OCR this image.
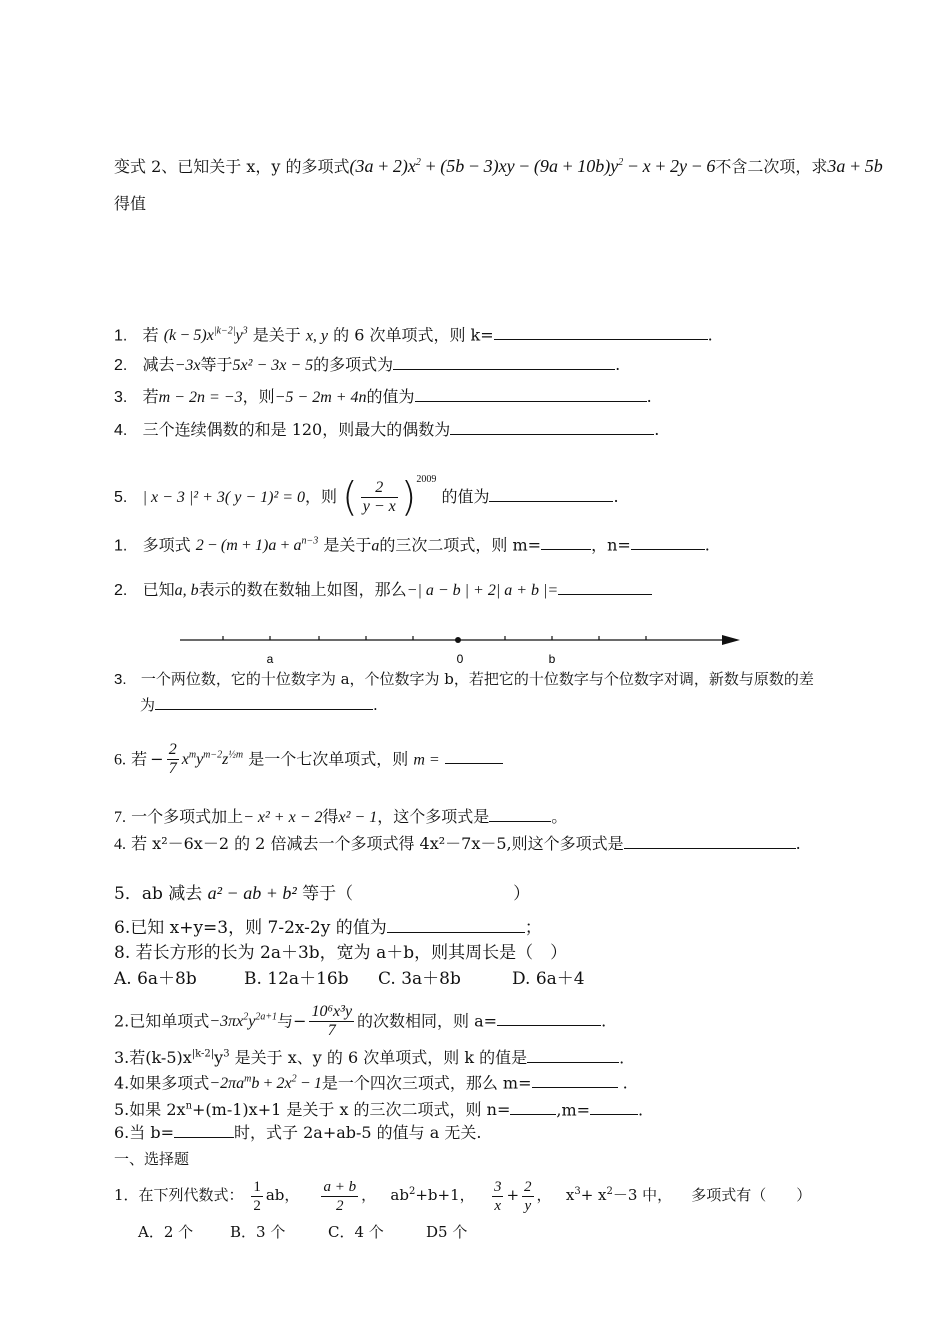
变式 2、已知关于 x，y 的多项式$(3a + 2)x^2 + (5b - 3)xy - (9a + 10b)y^2 - x + 2y - 6$不含二次项，求3a + 5b
得值
1. 若 $(k - 5)x^{|k-2|}y^3$ 是关于 x, y 的 6 次单项式，则 k=	.
2. 减去−3x等于5x² − 3x − 5的多项式为	.
3. 若m − 2n = −3，则−5 − 2m + 4n的值为	.
4. 三个连续偶数的和是 120，则最大的偶数为	.
5. | x − 3 |² + 3( y − 1)² = 0，则 ( $\frac{2}{y - x} )^{2009}$ 的值为	.
1. 多项式 $2 - (m + 1)a + a^{n-3}$ 是关于a的三次二项式，则 m=	，n=	.
2. 已知a, b表示的数在数轴上如图，那么−| a − b | + 2| a + b |=
a	0	b
3. 一个两位数，它的十位数字为 a，个位数字为 b，若把它的十位数字与个位数字对调，新数与原数的差
为	.
6. 若 − $\frac{2}{7} x^my^{m-2}z^{\frac{1}{2}m}$ 是一个七次单项式，则 m =
7. 一个多项式加上− x² + x − 2得x² − 1，这个多项式是	。
4. 若 x²－6x－2 的 2 倍减去一个多项式得 4x²－7x－5,则这个多项式是	.
5．ab 减去 a² − ab + b² 等于（	）
6.已知 x+y=3，则 7-2x-2y 的值为	；
8. 若长方形的长为 2a＋3b，宽为 a＋b，则其周长是（　）
A. 6a＋8b	B. 12a＋16b C. 3a＋8b	D. 6a＋4
2.已知单项式$-3\pi x^2y^{2a+1}$与− $\frac{\text{10⁶x³y}}{7}$ 的次数相同，则 a=	.
3.若$(k-5)x^{|k-2|}y^3$ 是关于 x、y 的 6 次单项式，则 k 的值是	.
4.如果多项式$-2\pi a^mb + 2x^2 - 1$是一个四次三项式，那么 m=	.
5.如果 $2x^n+(m-1)x+1$ 是关于 x 的三次二项式，则 n=	,m=	.
6.当 b=	时，式子 2a+ab-5 的值与 a 无关.
一、选择题
1．在下列代数式： $\frac{1}{2}$ ab， $\frac{a + b}{2}$ ， $ab^2+b+1$， $\frac{3}{x} + \frac{2}{y}$ ， $x^3+ x^2-3$ 中， 多项式有（　　）
A．2 个 B．3 个	C．4 个	D5 个
